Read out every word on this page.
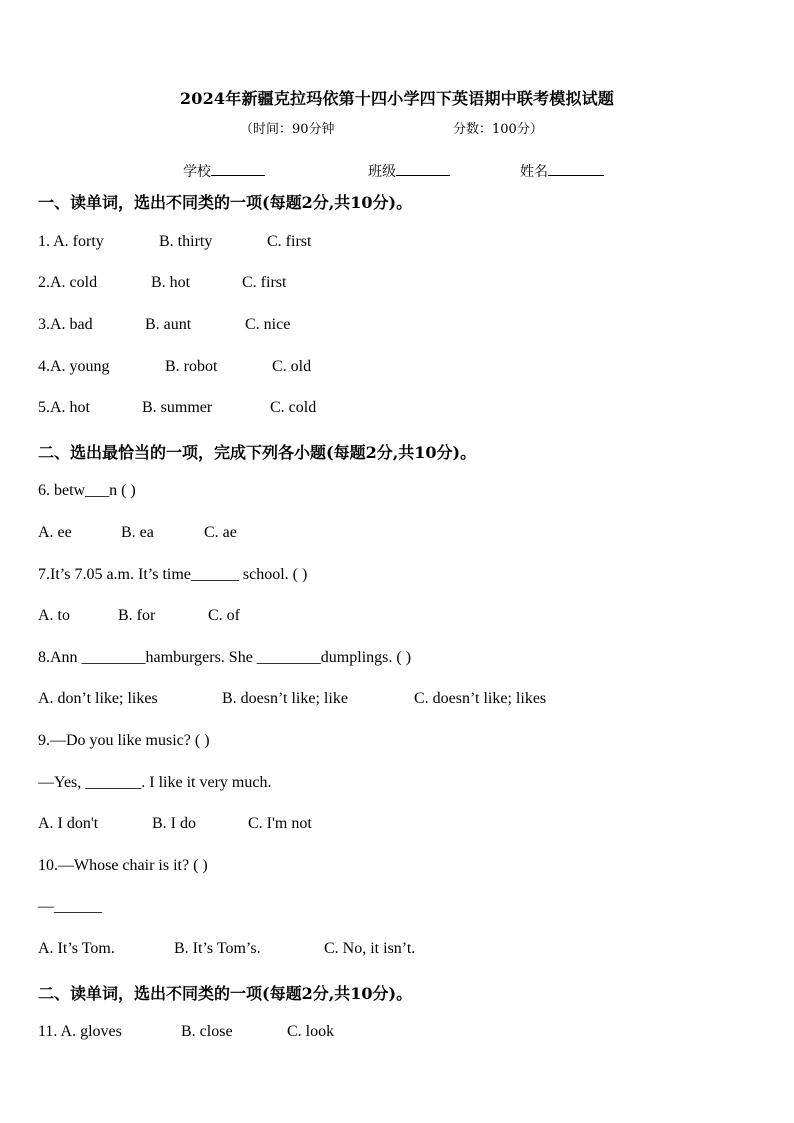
2024年新疆克拉玛依第十四小学四下英语期中联考模拟试题
（时间：90分钟	分数：100分）
学校	班级	姓名
一、读单词，选出不同类的一项(每题2分,共10分)。
1. A. forty	B. thirty	C. first
2.A. cold	B. hot	C. first
3.A. bad	B. aunt	C. nice
4.A. young	B. robot	C. old
5.A. hot	B. summer	C. cold
二、选出最恰当的一项，完成下列各小题(每题2分,共10分)。
6. betw___n ( )
A. ee	B. ea	C. ae
7.It’s 7.05 a.m. It’s time______ school. ( )
A. to	B. for	C. of
8.Ann ________hamburgers. She ________dumplings. ( )
A. don’t like; likes	B. doesn’t like; like	C. doesn’t like; likes
9.—Do you like music? ( )
—Yes, _______. I like it very much.
A. I don't	B. I do	C. I'm not
10.—Whose chair is it? ( )
—______
A. It’s Tom.	B. It’s Tom’s.	C. No, it isn’t.
二、读单词，选出不同类的一项(每题2分,共10分)。
11. A. gloves	B. close	C. look
